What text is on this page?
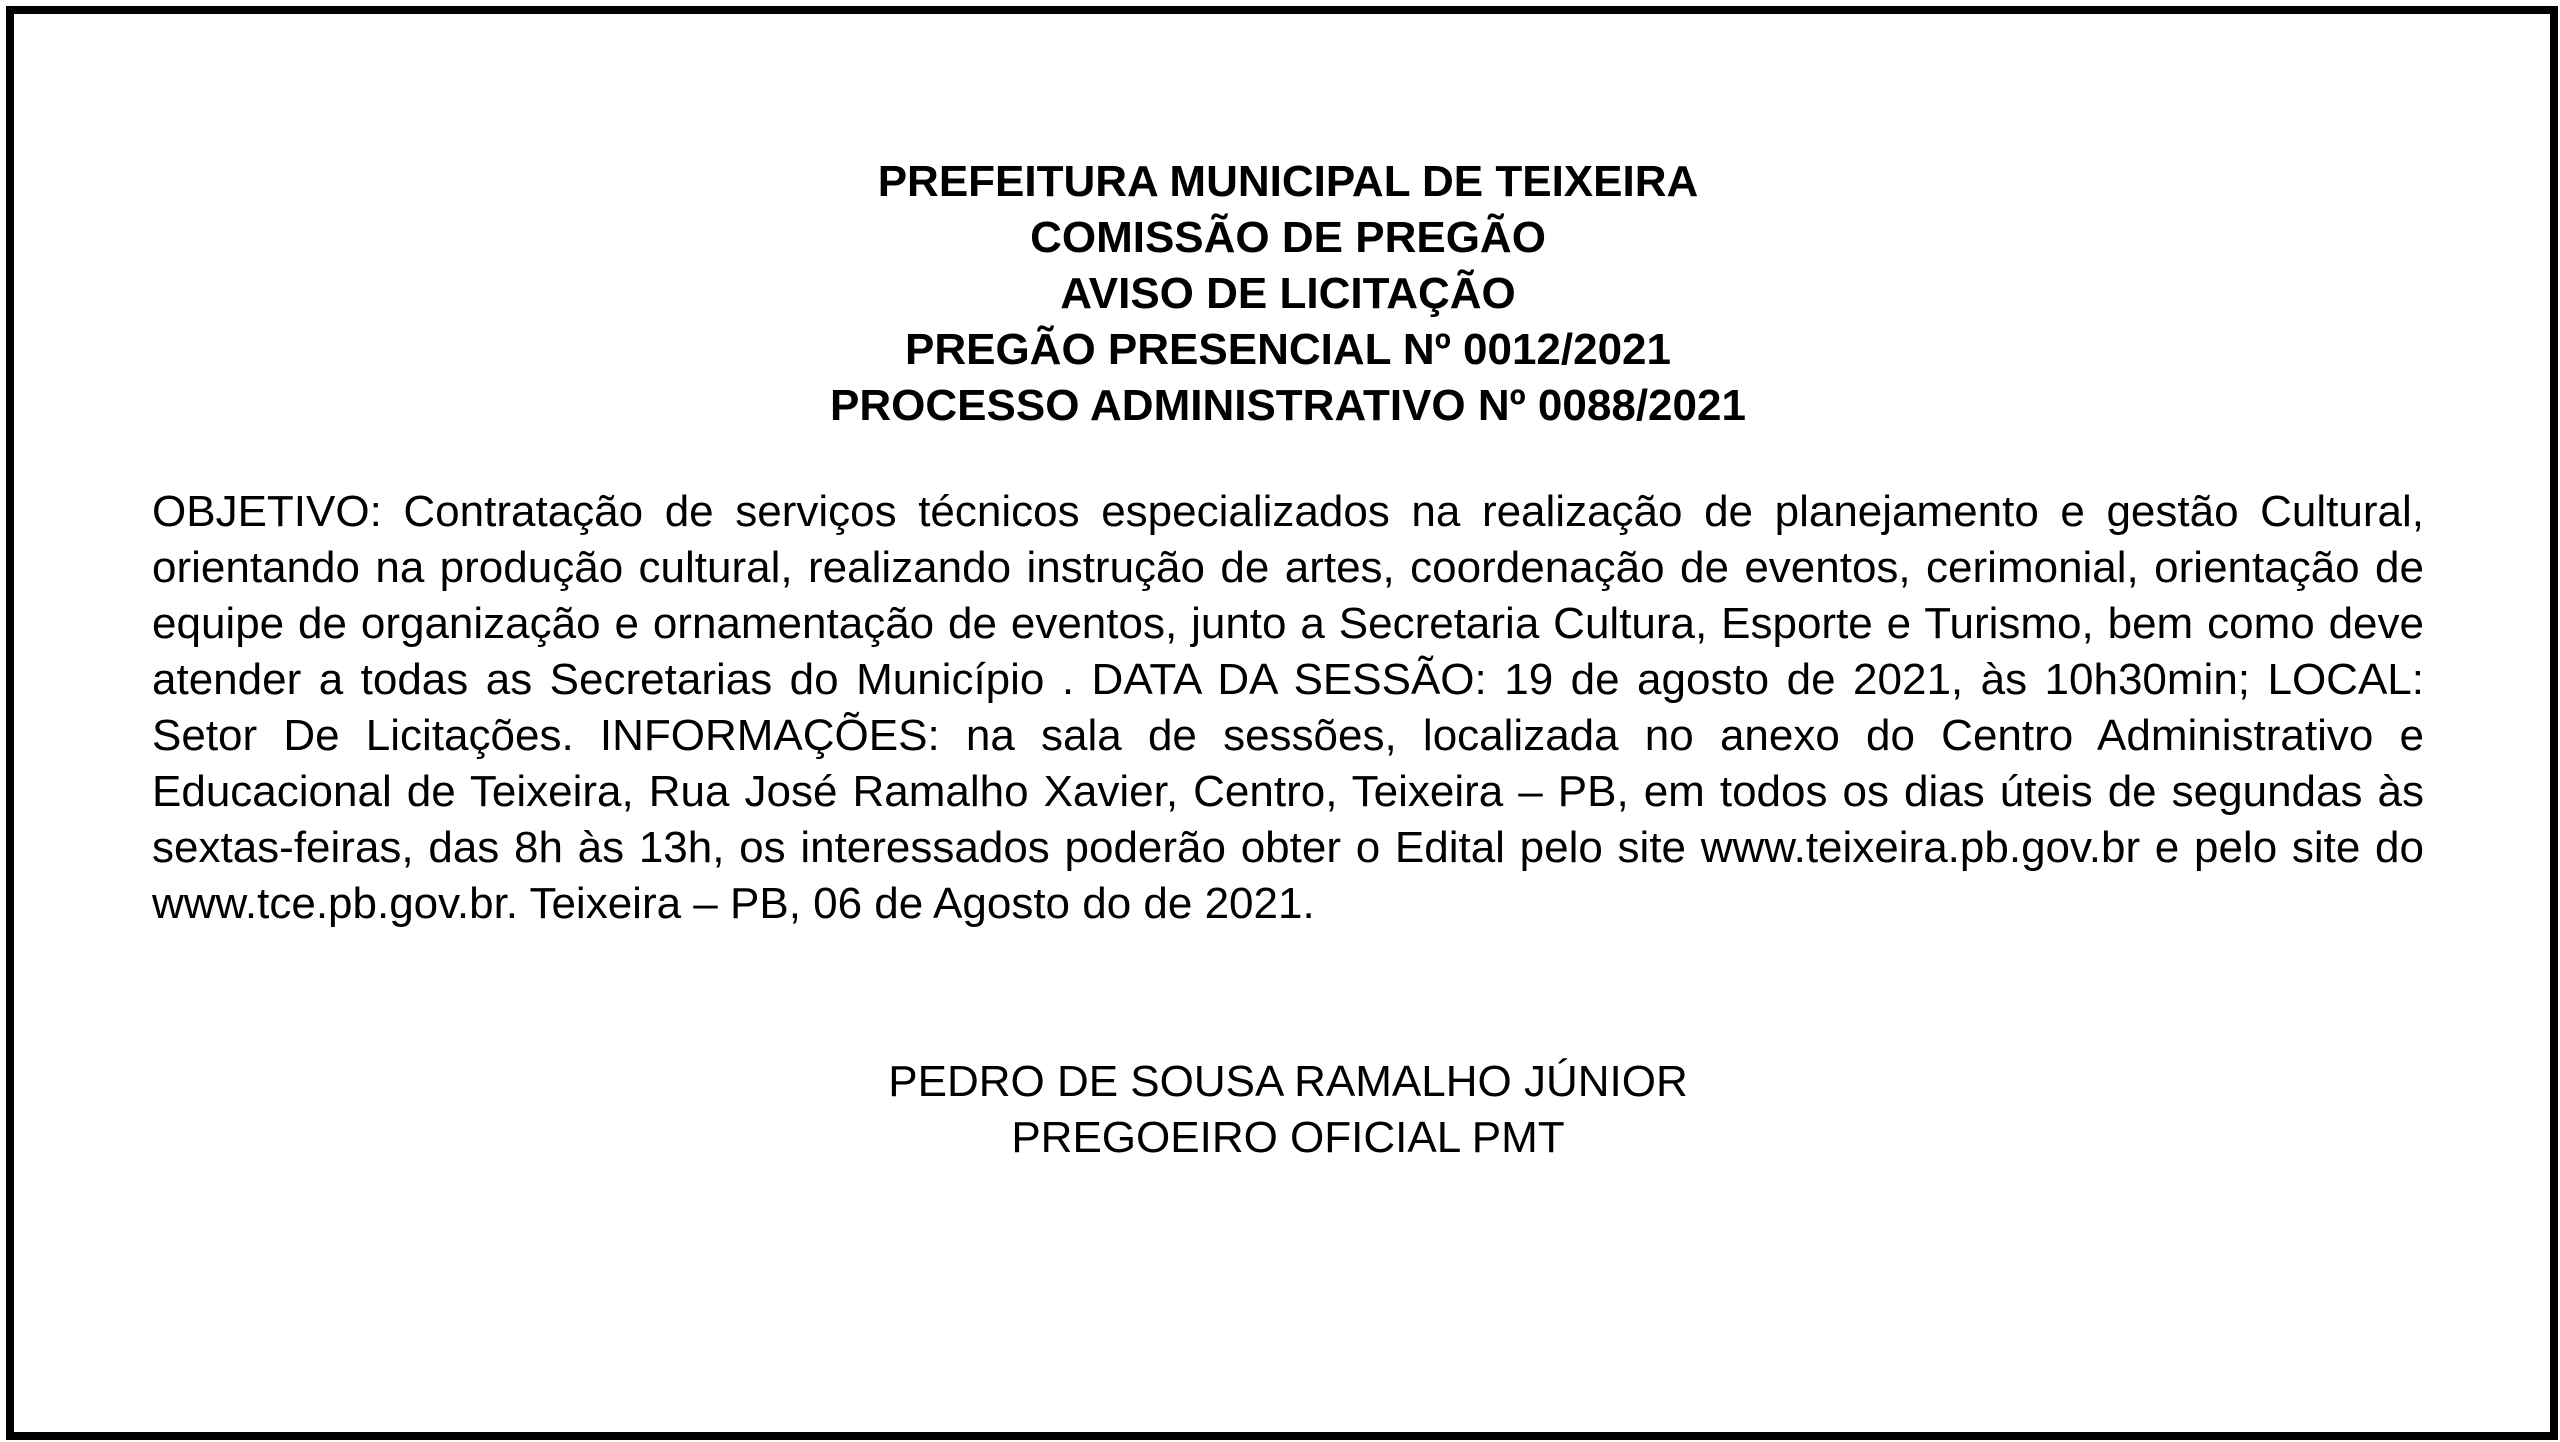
PREFEITURA MUNICIPAL DE TEIXEIRA
COMISSÃO DE PREGÃO
AVISO DE LICITAÇÃO
PREGÃO PRESENCIAL Nº 0012/2021
PROCESSO ADMINISTRATIVO Nº 0088/2021
OBJETIVO: Contratação de serviços técnicos especializados na realização de planejamento e gestão Cultural, orientando na produção cultural, realizando instrução de artes, coordenação de eventos, cerimonial, orientação de equipe de organização e ornamentação de eventos, junto a Secretaria Cultura, Esporte e Turismo, bem como deve atender a todas as Secretarias do Município . DATA DA SESSÃO: 19 de agosto de 2021, às 10h30min; LOCAL: Setor De Licitações. INFORMAÇÕES: na sala de sessões, localizada no anexo do Centro Administrativo e Educacional de Teixeira, Rua José Ramalho Xavier, Centro, Teixeira – PB, em todos os dias úteis de segundas às sextas-feiras, das 8h às 13h, os interessados poderão obter o Edital pelo site www.teixeira.pb.gov.br e pelo site do www.tce.pb.gov.br. Teixeira – PB, 06 de Agosto do de 2021.
PEDRO DE SOUSA RAMALHO JÚNIOR
PREGOEIRO OFICIAL PMT
